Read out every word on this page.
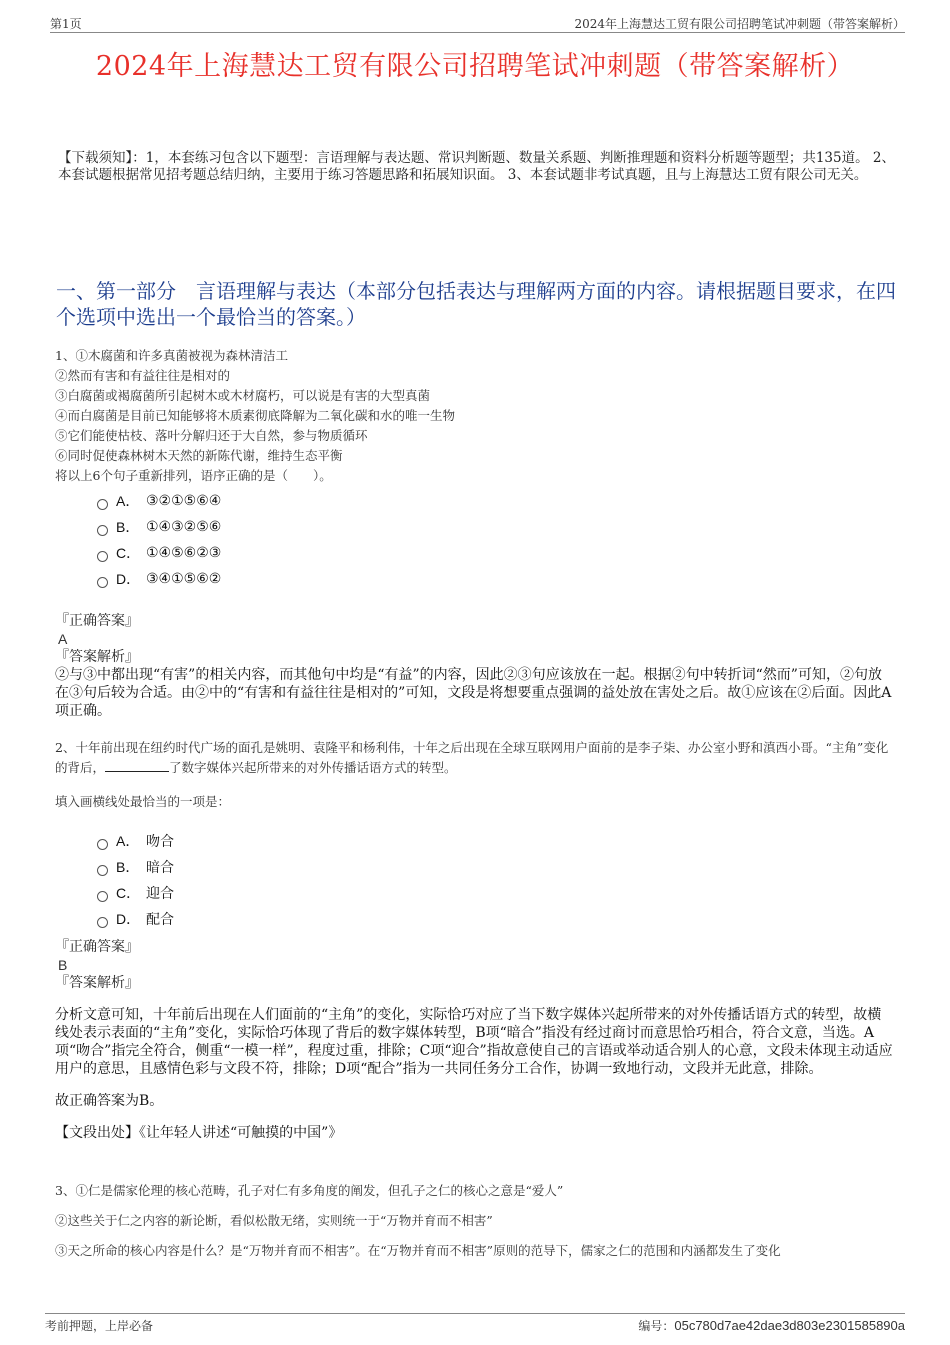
第1页	2024年上海慧达工贸有限公司招聘笔试冲刺题（带答案解析）
2024年上海慧达工贸有限公司招聘笔试冲刺题（带答案解析）
【下载须知】：1，本套练习包含以下题型：言语理解与表达题、常识判断题、数量关系题、判断推理题和资料分析题等题型；共135道。 2、本套试题根据常见招考题总结归纳，主要用于练习答题思路和拓展知识面。 3、本套试题非考试真题，且与上海慧达工贸有限公司无关。
一、第一部分　言语理解与表达（本部分包括表达与理解两方面的内容。请根据题目要求，在四个选项中选出一个最恰当的答案。）
1、①木腐菌和许多真菌被视为森林清洁工
②然而有害和有益往往是相对的
③白腐菌或褐腐菌所引起树木或木材腐朽，可以说是有害的大型真菌
④而白腐菌是目前已知能够将木质素彻底降解为二氧化碳和水的唯一生物
⑤它们能使枯枝、落叶分解归还于大自然，参与物质循环
⑥同时促使森林树木天然的新陈代谢，维持生态平衡
将以上6个句子重新排列，语序正确的是（　　）。
A． ③②①⑤⑥④
B． ①④③②⑤⑥
C． ①④⑤⑥②③
D． ③④①⑤⑥②
『正确答案』
A
『答案解析』
②与③中都出现“有害”的相关内容，而其他句中均是“有益”的内容，因此②③句应该放在一起。根据②句中转折词“然而”可知，②句放在③句后较为合适。由②中的“有害和有益往往是相对的”可知，文段是将想要重点强调的益处放在害处之后。故①应该在②后面。因此A项正确。
2、十年前出现在纽约时代广场的面孔是姚明、袁隆平和杨利伟，十年之后出现在全球互联网用户面前的是李子柒、办公室小野和滇西小哥。“主角”变化的背后，	了数字媒体兴起所带来的对外传播话语方式的转型。
填入画横线处最恰当的一项是：
A． 吻合
B． 暗合
C． 迎合
D． 配合
『正确答案』
B
『答案解析』
分析文意可知，十年前后出现在人们面前的“主角”的变化，实际恰巧对应了当下数字媒体兴起所带来的对外传播话语方式的转型，故横线处表示表面的“主角”变化，实际恰巧体现了背后的数字媒体转型，B项“暗合”指没有经过商讨而意思恰巧相合，符合文意，当选。A项“吻合”指完全符合，侧重“一模一样”，程度过重，排除；C项“迎合”指故意使自己的言语或举动适合别人的心意，文段未体现主动适应用户的意思，且感情色彩与文段不符，排除；D项“配合”指为一共同任务分工合作，协调一致地行动，文段并无此意，排除。
故正确答案为B。
【文段出处】《让年轻人讲述“可触摸的中国”》
3、①仁是儒家伦理的核心范畴，孔子对仁有多角度的阐发，但孔子之仁的核心之意是“爱人”
②这些关于仁之内容的新论断，看似松散无绪，实则统一于“万物并育而不相害”
③天之所命的核心内容是什么？是“万物并育而不相害”。在“万物并育而不相害”原则的范导下，儒家之仁的范围和内涵都发生了变化
考前押题，上岸必备	编号：05c780d7ae42dae3d803e2301585890a
